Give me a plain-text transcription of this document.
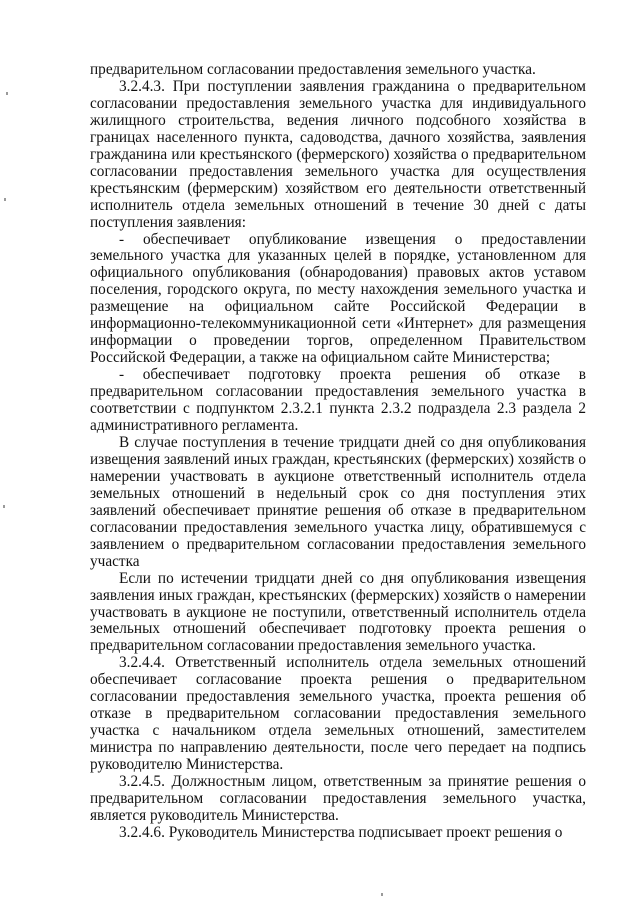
предварительном согласовании предоставления земельного участка.

3.2.4.3. При поступлении заявления гражданина о предварительном согласовании предоставления земельного участка для индивидуального жилищного строительства, ведения личного подсобного хозяйства в границах населенного пункта, садоводства, дачного хозяйства, заявления гражданина или крестьянского (фермерского) хозяйства о предварительном согласовании предоставления земельного участка для осуществления крестьянским (фермерским) хозяйством его деятельности ответственный исполнитель отдела земельных отношений в течение 30 дней с даты поступления заявления:

- обеспечивает опубликование извещения о предоставлении земельного участка для указанных целей в порядке, установленном для официального опубликования (обнародования) правовых актов уставом поселения, городского округа, по месту нахождения земельного участка и размещение на официальном сайте Российской Федерации в информационно-телекоммуникационной сети «Интернет» для размещения информации о проведении торгов, определенном Правительством Российской Федерации, а также на официальном сайте Министерства;

- обеспечивает подготовку проекта решения об отказе в предварительном согласовании предоставления земельного участка в соответствии с подпунктом 2.3.2.1 пункта 2.3.2 подраздела 2.3 раздела 2 административного регламента.

В случае поступления в течение тридцати дней со дня опубликования извещения заявлений иных граждан, крестьянских (фермерских) хозяйств о намерении участвовать в аукционе ответственный исполнитель отдела земельных отношений в недельный срок со дня поступления этих заявлений обеспечивает принятие решения об отказе в предварительном согласовании предоставления земельного участка лицу, обратившемуся с заявлением о предварительном согласовании предоставления земельного участка

Если по истечении тридцати дней со дня опубликования извещения заявления иных граждан, крестьянских (фермерских) хозяйств о намерении участвовать в аукционе не поступили, ответственный исполнитель отдела земельных отношений обеспечивает подготовку проекта решения о предварительном согласовании предоставления земельного участка.

3.2.4.4. Ответственный исполнитель отдела земельных отношений обеспечивает согласование проекта решения о предварительном согласовании предоставления земельного участка, проекта решения об отказе в предварительном согласовании предоставления земельного участка с начальником отдела земельных отношений, заместителем министра по направлению деятельности, после чего передает на подпись руководителю Министерства.

3.2.4.5. Должностным лицом, ответственным за принятие решения о предварительном согласовании предоставления земельного участка, является руководитель Министерства.

3.2.4.6. Руководитель Министерства подписывает проект решения о
